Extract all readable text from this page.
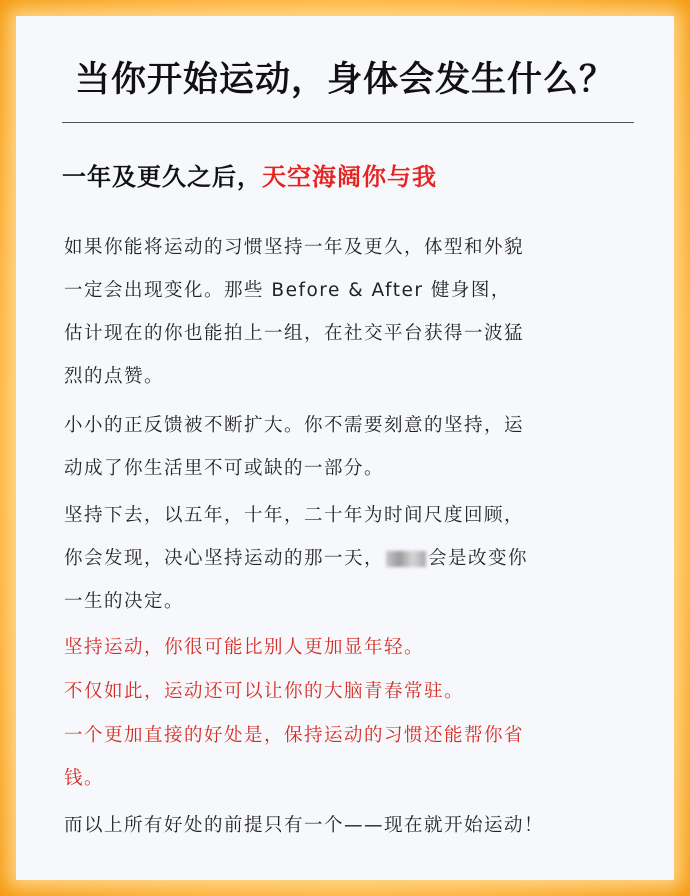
当你开始运动，身体会发生什么？
一年及更久之后，天空海阔你与我
如果你能将运动的习惯坚持一年及更久，体型和外貌
一定会出现变化。那些 Before & After 健身图，
估计现在的你也能拍上一组，在社交平台获得一波猛
烈的点赞。
小小的正反馈被不断扩大。你不需要刻意的坚持，运
动成了你生活里不可或缺的一部分。
坚持下去，以五年，十年，二十年为时间尺度回顾，
你会发现，决心坚持运动的那一天， 会是改变你
一生的决定。
坚持运动，你很可能比别人更加显年轻。
不仅如此，运动还可以让你的大脑青春常驻。
一个更加直接的好处是，保持运动的习惯还能帮你省
钱。
而以上所有好处的前提只有一个——现在就开始运动！
